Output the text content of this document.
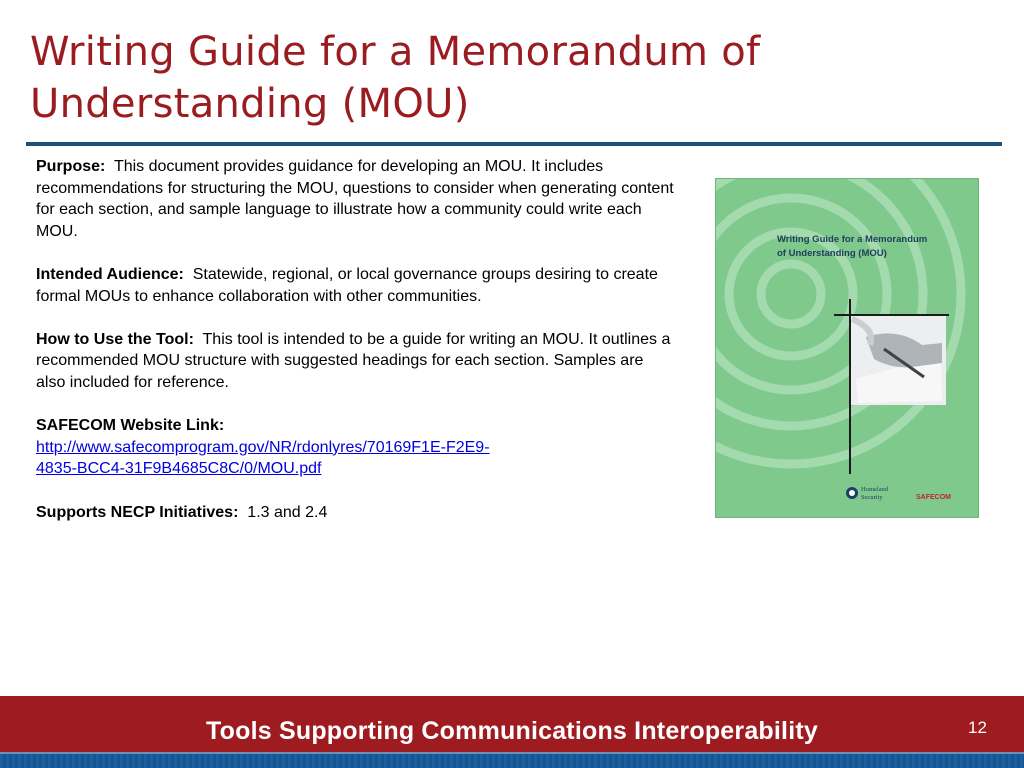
Writing Guide for a Memorandum of
Understanding (MOU)

Purpose: This document provides guidance for developing an MOU. It includes recommendations for structuring the MOU, questions to consider when generating content for each section, and sample language to illustrate how a community could write each MOU.

Intended Audience: Statewide, regional, or local governance groups desiring to create formal MOUs to enhance collaboration with other communities.

How to Use the Tool: This tool is intended to be a guide for writing an MOU. It outlines a recommended MOU structure with suggested headings for each section. Samples are also included for reference.

SAFECOM Website Link:
http://www.safecomprogram.gov/NR/rdonlyres/70169F1E-F2E9-
4835-BCC4-31F9B4685C8C/0/MOU.pdf

Supports NECP Initiatives: 1.3 and 2.4

Writing Guide for a Memorandum
of Understanding (MOU)
Homeland
Security	SAFECOM
Tools Supporting Communications Interoperability	12
